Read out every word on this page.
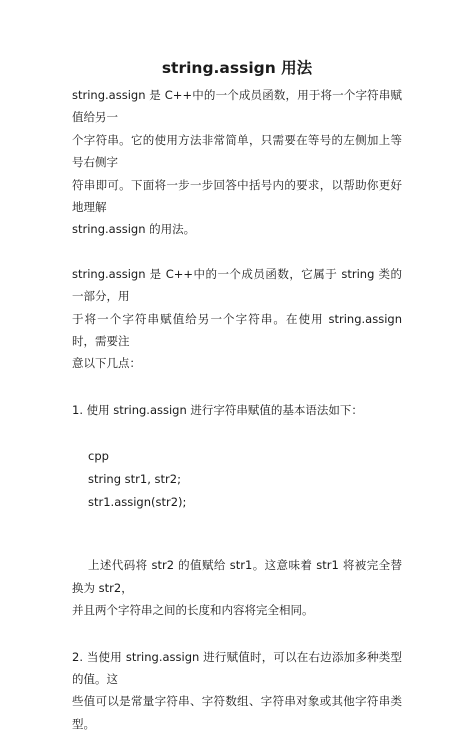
string.assign 用法

string.assign 是 C++中的一个成员函数，用于将一个字符串赋值给另一

个字符串。它的使用方法非常简单，只需要在等号的左侧加上等号右侧字

符串即可。下面将一步一步回答中括号内的要求，以帮助你更好地理解

string.assign 的用法。

string.assign 是 C++中的一个成员函数，它属于 string 类的一部分，用

于将一个字符串赋值给另一个字符串。在使用 string.assign 时，需要注

意以下几点：

1. 使用 string.assign 进行字符串赋值的基本语法如下：

cpp
string str1, str2;
str1.assign(str2);

上述代码将 str2 的值赋给 str1。这意味着 str1 将被完全替换为 str2，

并且两个字符串之间的长度和内容将完全相同。

2. 当使用 string.assign 进行赋值时，可以在右边添加多种类型的值。这

些值可以是常量字符串、字符数组、字符串对象或其他字符串类型。
